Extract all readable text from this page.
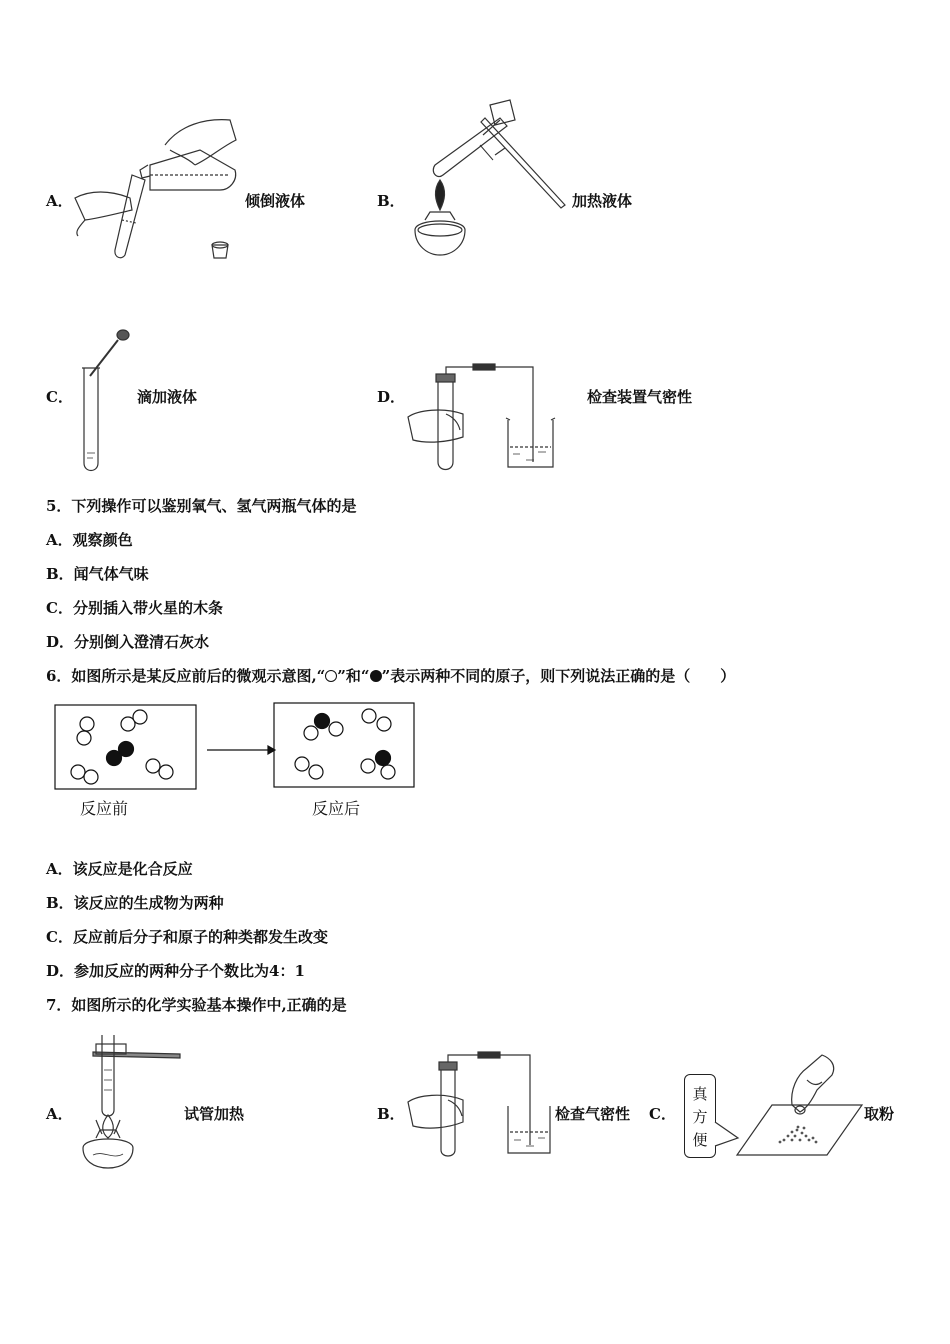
A．	倾倒液体	B．	加热液体
C．	滴加液体	D．	检查装置气密性
5．下列操作可以鉴别氧气、氢气两瓶气体的是
A．观察颜色
B．闻气体气味
C．分别插入带火星的木条
D．分别倒入澄清石灰水
6．如图所示是某反应前后的微观示意图,“ ”和“ ”表示两种不同的原子，则下列说法正确的是（　　）
反应前	反应后
A．该反应是化合反应
B．该反应的生成物为两种
C．反应前后分子和原子的种类都发生改变
D．参加反应的两种分子个数比为4：1
7．如图所示的化学实验基本操作中,正确的是
A．	试管加热	B．	检查气密性 C．
真
方
便
取粉
